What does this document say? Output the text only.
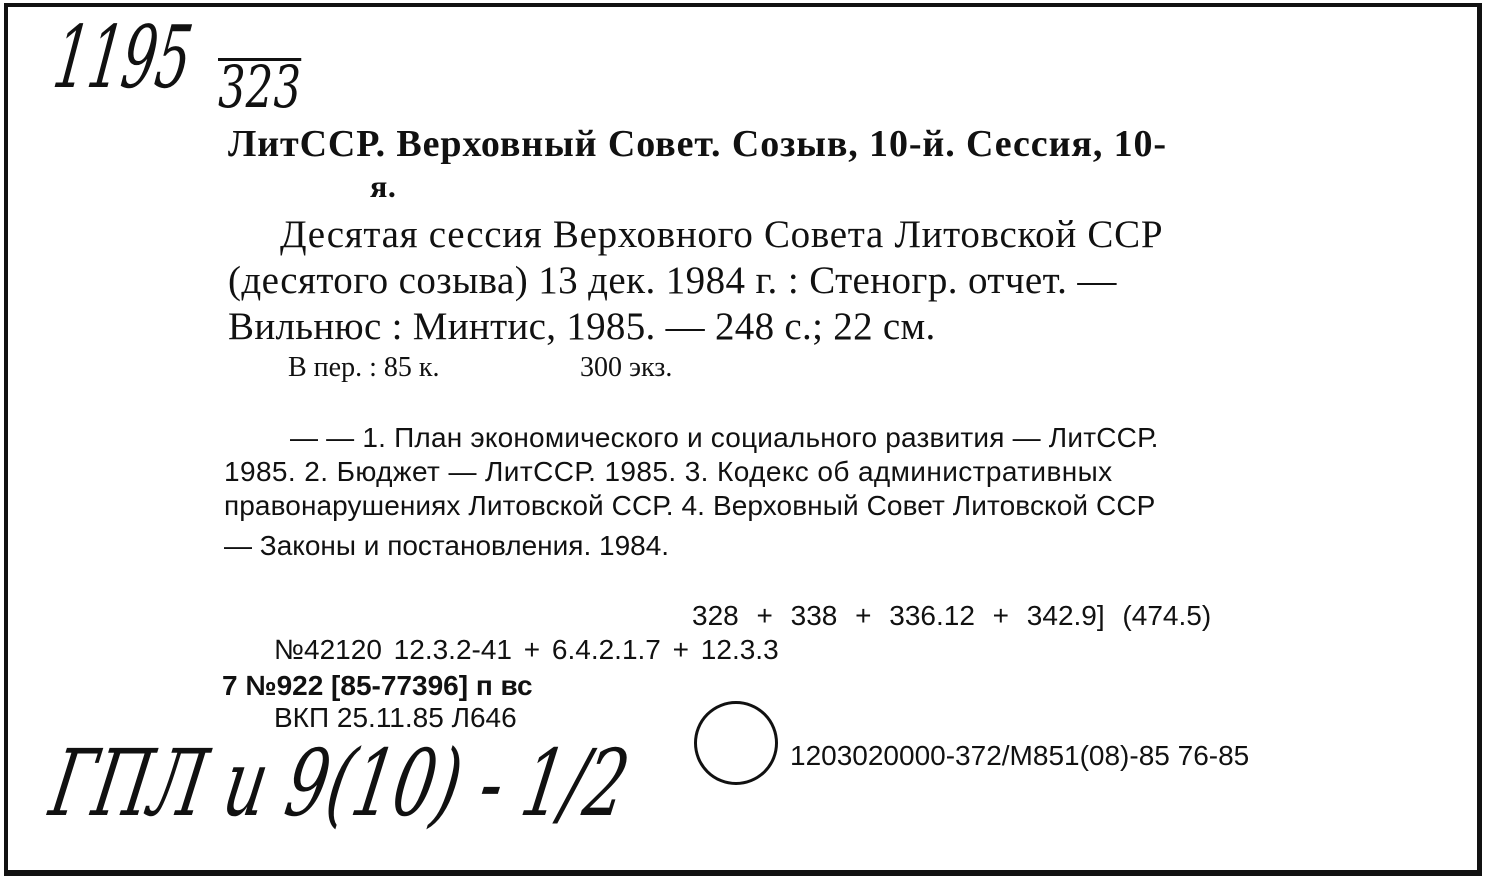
1195 323
ЛитССР. Верховный Совет. Созыв, 10-й. Сессия, 10-
я.
Десятая сессия Верховного Совета Литовской ССР
(десятого созыва) 13 дек. 1984 г. : Стеногр. отчет. —
Вильнюс : Минтис, 1985. — 248 с.; 22 см.
В пер. : 85 к.	300 экз.
— — 1. План экономического и социального развития — ЛитССР.
1985. 2. Бюджет — ЛитССР. 1985. 3. Кодекс об административных
правонарушениях Литовской ССР. 4. Верховный Совет Литовской ССР
— Законы и постановления. 1984.
328 + 338 + 336.12 + 342.9] (474.5)
№42120 12.3.2-41 + 6.4.2.1.7 + 12.3.3
7 №922 [85-77396] п вс
ВКП 25.11.85 Л646
1203020000-372/М851(08)-85 76-85
ГПЛ и 9(10) - 1/2
